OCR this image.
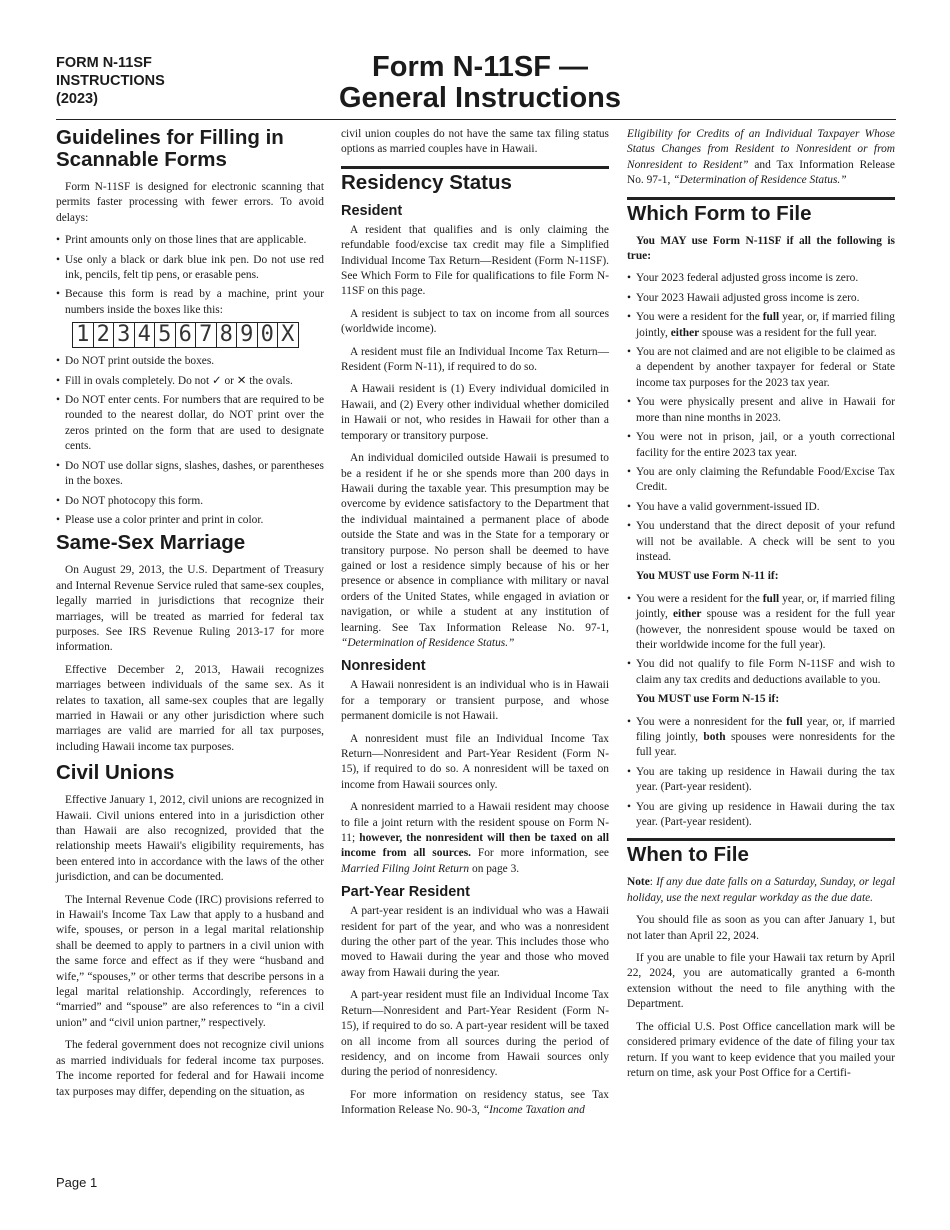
FORM N-11SF
INSTRUCTIONS
(2023)
Form N-11SF —
General Instructions
Guidelines for Filling in Scannable Forms

Form N-11SF is designed for electronic scanning that permits faster processing with fewer errors. To avoid delays:

• Print amounts only on those lines that are applicable.
• Use only a black or dark blue ink pen. Do not use red ink, pencils, felt tip pens, or erasable pens.
• Because this form is read by a machine, print your numbers inside the boxes like this:
1 2 3 4 5 6 7 8 9 0 X
• Do NOT print outside the boxes.
• Fill in ovals completely. Do not ✓ or ✕ the ovals.
• Do NOT enter cents. For numbers that are required to be rounded to the nearest dollar, do NOT print over the zeros printed on the form that are used to designate cents.
• Do NOT use dollar signs, slashes, dashes, or parentheses in the boxes.
• Do NOT photocopy this form.
• Please use a color printer and print in color.
Same-Sex Marriage

On August 29, 2013, the U.S. Department of Treasury and Internal Revenue Service ruled that same-sex couples, legally married in jurisdictions that recognize their marriages, will be treated as married for federal tax purposes. See IRS Revenue Ruling 2013-17 for more information.

Effective December 2, 2013, Hawaii recognizes marriages between individuals of the same sex. As it relates to taxation, all same-sex couples that are legally married in Hawaii or any other jurisdiction where such marriages are valid are married for all tax purposes, including Hawaii income tax purposes.

Civil Unions

Effective January 1, 2012, civil unions are recognized in Hawaii. Civil unions entered into in a jurisdiction other than Hawaii are also recognized, provided that the relationship meets Hawaii's eligibility requirements, has been entered into in accordance with the laws of the other jurisdiction, and can be documented.

The Internal Revenue Code (IRC) provisions referred to in Hawaii's Income Tax Law that apply to a husband and wife, spouses, or person in a legal marital relationship shall be deemed to apply to partners in a civil union with the same force and effect as if they were “husband and wife,” “spouses,” or other terms that describe persons in a legal marital relationship. Accordingly, references to “married” and “spouse” are also references to “in a civil union” and “civil union partner,” respectively.

The federal government does not recognize civil unions as married individuals for federal income tax purposes. The income reported for federal and for Hawaii income tax purposes may differ, depending on the situation, as

civil union couples do not have the same tax filing status options as married couples have in Hawaii.

Residency Status
Resident

A resident that qualifies and is only claiming the refundable food/excise tax credit may file a Simplified Individual Income Tax Return—Resident (Form N-11SF). See Which Form to File for qualifications to file Form N-11SF on this page.

A resident is subject to tax on income from all sources (worldwide income).

A resident must file an Individual Income Tax Return—Resident (Form N-11), if required to do so.

A Hawaii resident is (1) Every individual domiciled in Hawaii, and (2) Every other individual whether domiciled in Hawaii or not, who resides in Hawaii for other than a temporary or transitory purpose.

An individual domiciled outside Hawaii is presumed to be a resident if he or she spends more than 200 days in Hawaii during the taxable year. This presumption may be overcome by evidence satisfactory to the Department that the individual maintained a permanent place of abode outside the State and was in the State for a temporary or transitory purpose. No person shall be deemed to have gained or lost a residence simply because of his or her presence or absence in compliance with military or naval orders of the United States, while engaged in aviation or navigation, or while a student at any institution of learning. See Tax Information Release No. 97-1, “Determination of Residence Status.”

Nonresident

A Hawaii nonresident is an individual who is in Hawaii for a temporary or transient purpose, and whose permanent domicile is not Hawaii.

A nonresident must file an Individual Income Tax Return—Nonresident and Part-Year Resident (Form N-15), if required to do so. A nonresident will be taxed on income from Hawaii sources only.

A nonresident married to a Hawaii resident may choose to file a joint return with the resident spouse on Form N-11; however, the nonresident will then be taxed on all income from all sources. For more information, see Married Filing Joint Return on page 3.

Part-Year Resident

A part-year resident is an individual who was a Hawaii resident for part of the year, and who was a nonresident during the other part of the year. This includes those who moved to Hawaii during the year and those who moved away from Hawaii during the year.

A part-year resident must file an Individual Income Tax Return—Nonresident and Part-Year Resident (Form N-15), if required to do so. A part-year resident will be taxed on all income from all sources during the period of residency, and on income from Hawaii sources only during the period of nonresidency.

For more information on residency status, see Tax Information Release No. 90-3, “Income Taxation and

Eligibility for Credits of an Individual Taxpayer Whose Status Changes from Resident to Nonresident or from Nonresident to Resident” and Tax Information Release No. 97-1, “Determination of Residence Status.”

Which Form to File

You MAY use Form N-11SF if all the following is true:

• Your 2023 federal adjusted gross income is zero.
• Your 2023 Hawaii adjusted gross income is zero.
• You were a resident for the full year, or, if married filing jointly, either spouse was a resident for the full year.
• You are not claimed and are not eligible to be claimed as a dependent by another taxpayer for federal or State income tax purposes for the 2023 tax year.
• You were physically present and alive in Hawaii for more than nine months in 2023.
• You were not in prison, jail, or a youth correctional facility for the entire 2023 tax year.
• You are only claiming the Refundable Food/Excise Tax Credit.
• You have a valid government-issued ID.
• You understand that the direct deposit of your refund will not be available. A check will be sent to you instead.

You MUST use Form N-11 if:

• You were a resident for the full year, or, if married filing jointly, either spouse was a resident for the full year (however, the nonresident spouse would be taxed on their worldwide income for the full year).
• You did not qualify to file Form N-11SF and wish to claim any tax credits and deductions available to you.

You MUST use Form N-15 if:

• You were a nonresident for the full year, or, if married filing jointly, both spouses were nonresidents for the full year.
• You are taking up residence in Hawaii during the tax year. (Part-year resident).
• You are giving up residence in Hawaii during the tax year. (Part-year resident).
When to File

Note: If any due date falls on a Saturday, Sunday, or legal holiday, use the next regular workday as the due date.

You should file as soon as you can after January 1, but not later than April 22, 2024.

If you are unable to file your Hawaii tax return by April 22, 2024, you are automatically granted a 6-month extension without the need to file anything with the Department.

The official U.S. Post Office cancellation mark will be considered primary evidence of the date of filing your tax return. If you want to keep evidence that you mailed your return on time, ask your Post Office for a Certifi-

Page 1
